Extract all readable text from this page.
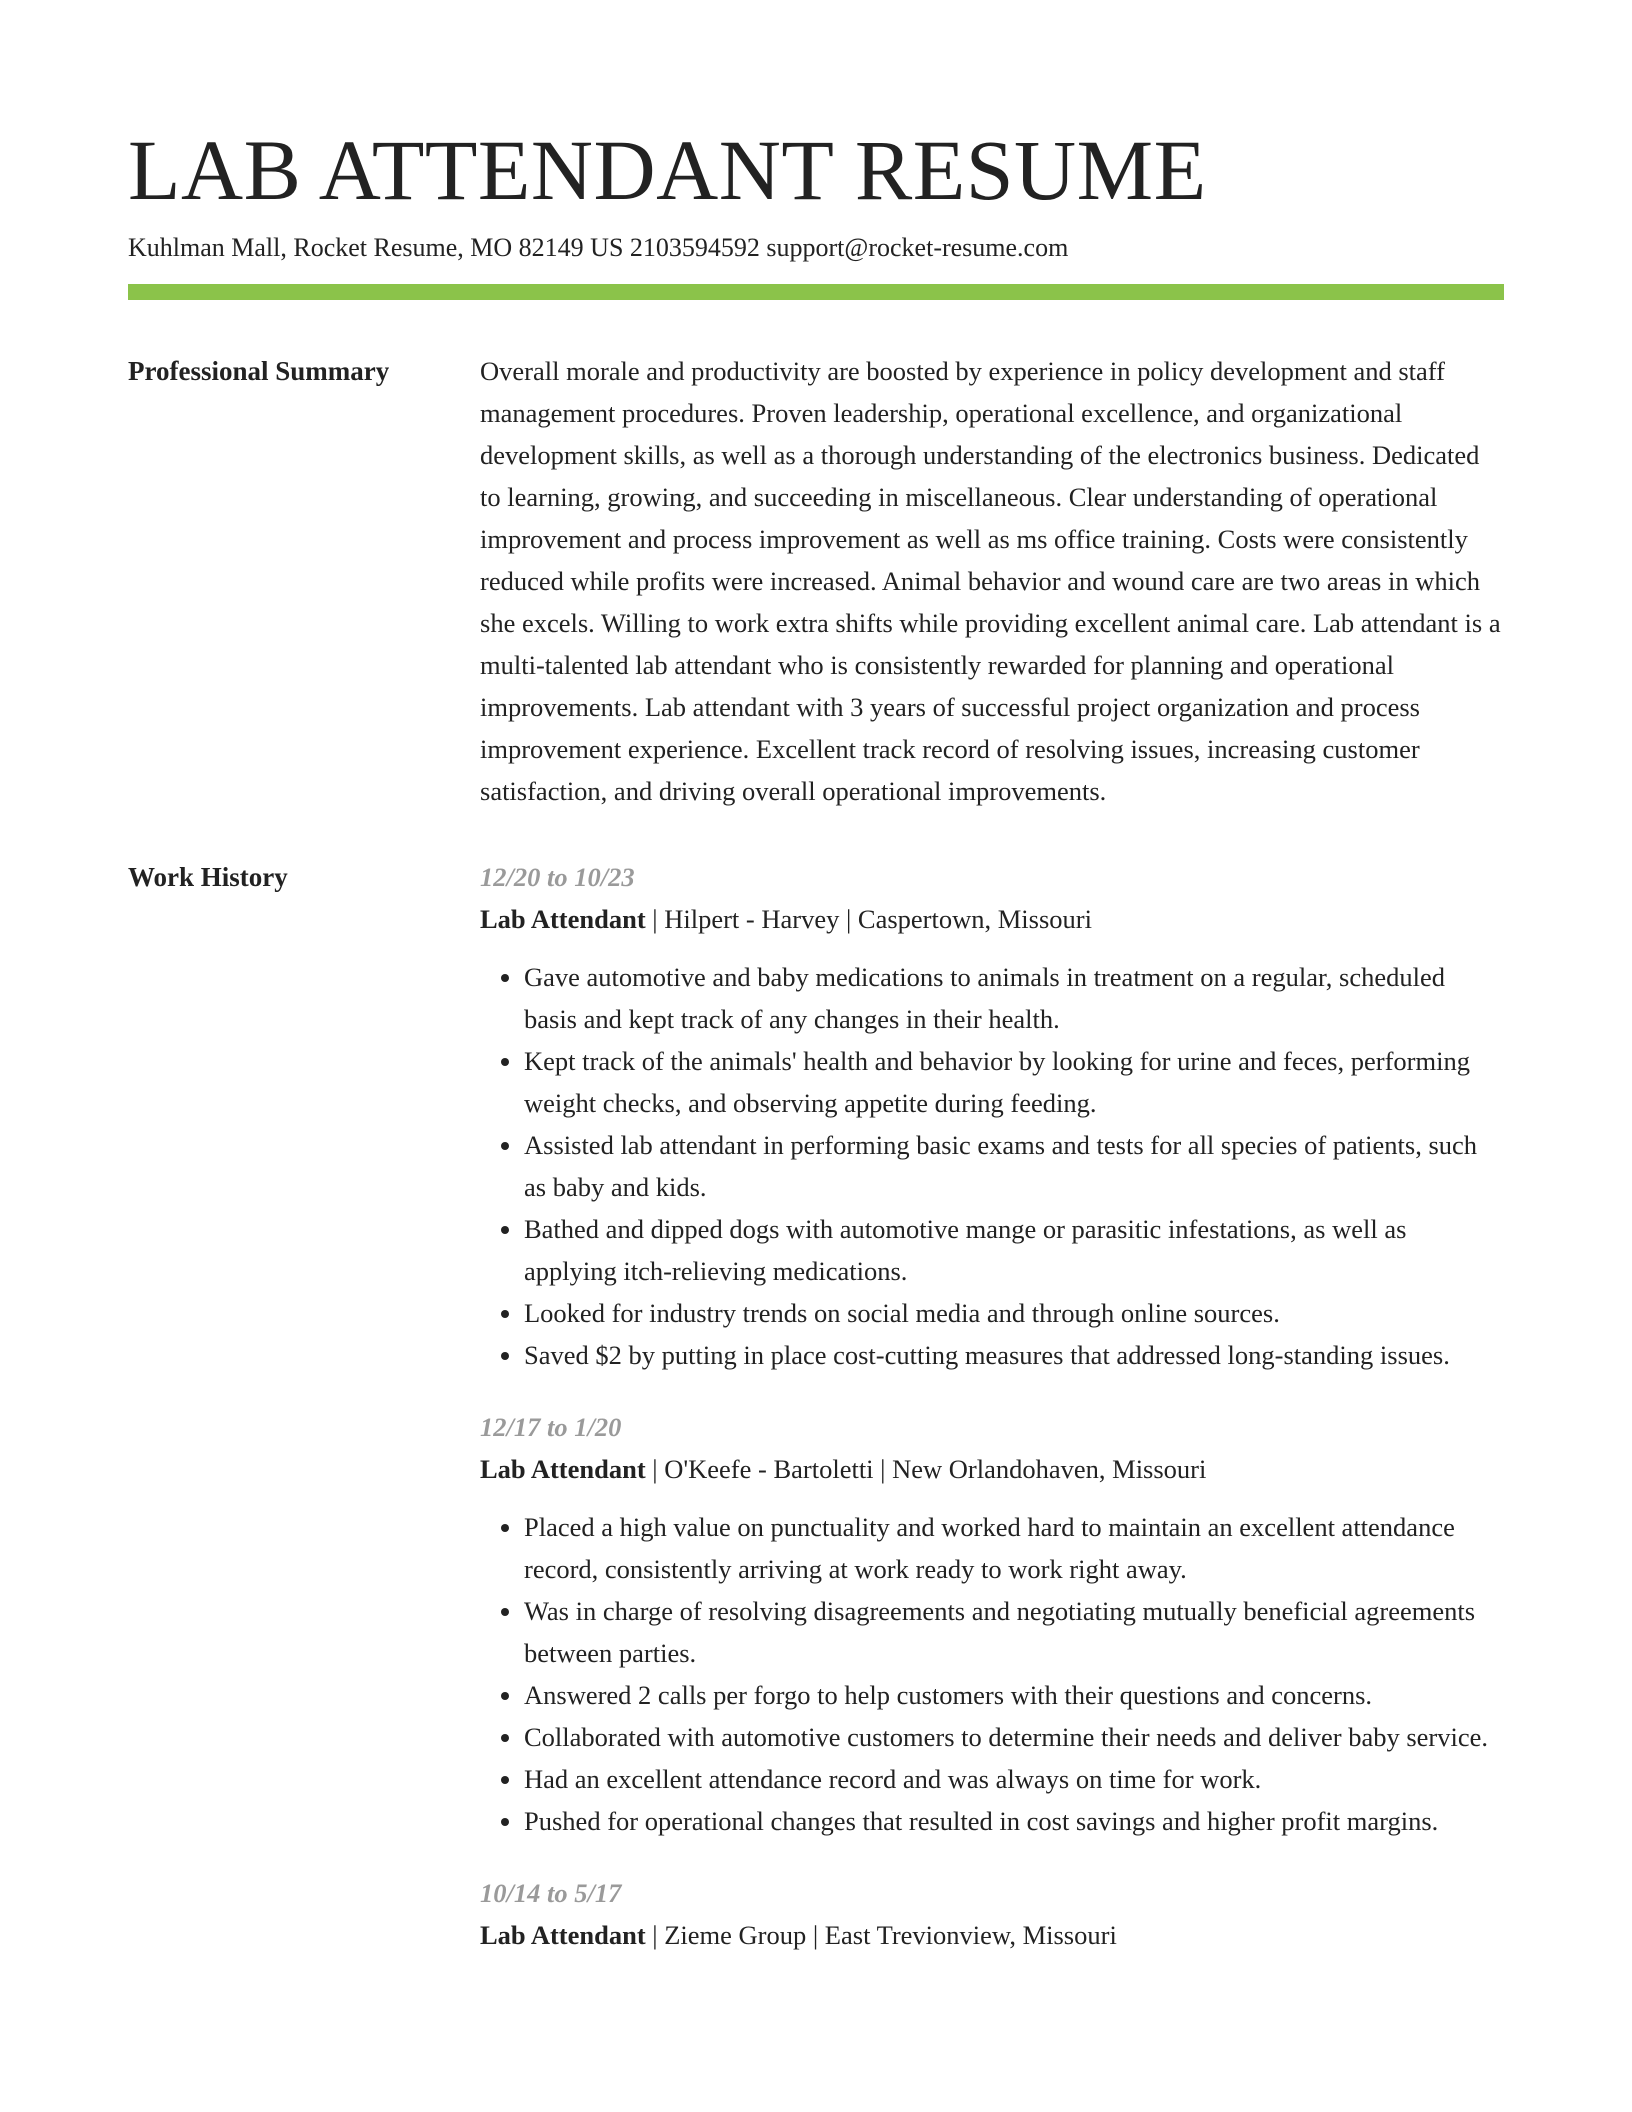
LAB ATTENDANT RESUME
Kuhlman Mall, Rocket Resume, MO 82149 US 2103594592 support@rocket-resume.com
Professional Summary	Overall morale and productivity are boosted by experience in policy development and staff management procedures. Proven leadership, operational excellence, and organizational development skills, as well as a thorough understanding of the electronics business. Dedicated to learning, growing, and succeeding in miscellaneous. Clear understanding of operational improvement and process improvement as well as ms office training. Costs were consistently reduced while profits were increased. Animal behavior and wound care are two areas in which she excels. Willing to work extra shifts while providing excellent animal care. Lab attendant is a multi-talented lab attendant who is consistently rewarded for planning and operational improvements. Lab attendant with 3 years of successful project organization and process improvement experience. Excellent track record of resolving issues, increasing customer satisfaction, and driving overall operational improvements.

Work History	12/20 to 10/23
Lab Attendant | Hilpert - Harvey | Caspertown, Missouri
• Gave automotive and baby medications to animals in treatment on a regular, scheduled basis and kept track of any changes in their health.
• Kept track of the animals' health and behavior by looking for urine and feces, performing weight checks, and observing appetite during feeding.
• Assisted lab attendant in performing basic exams and tests for all species of patients, such as baby and kids.
• Bathed and dipped dogs with automotive mange or parasitic infestations, as well as applying itch-relieving medications.
• Looked for industry trends on social media and through online sources.
• Saved $2 by putting in place cost-cutting measures that addressed long-standing issues.
12/17 to 1/20
Lab Attendant | O'Keefe - Bartoletti | New Orlandohaven, Missouri
• Placed a high value on punctuality and worked hard to maintain an excellent attendance record, consistently arriving at work ready to work right away.
• Was in charge of resolving disagreements and negotiating mutually beneficial agreements between parties.
• Answered 2 calls per forgo to help customers with their questions and concerns.
• Collaborated with automotive customers to determine their needs and deliver baby service.
• Had an excellent attendance record and was always on time for work.
• Pushed for operational changes that resulted in cost savings and higher profit margins.
10/14 to 5/17
Lab Attendant | Zieme Group | East Trevionview, Missouri
